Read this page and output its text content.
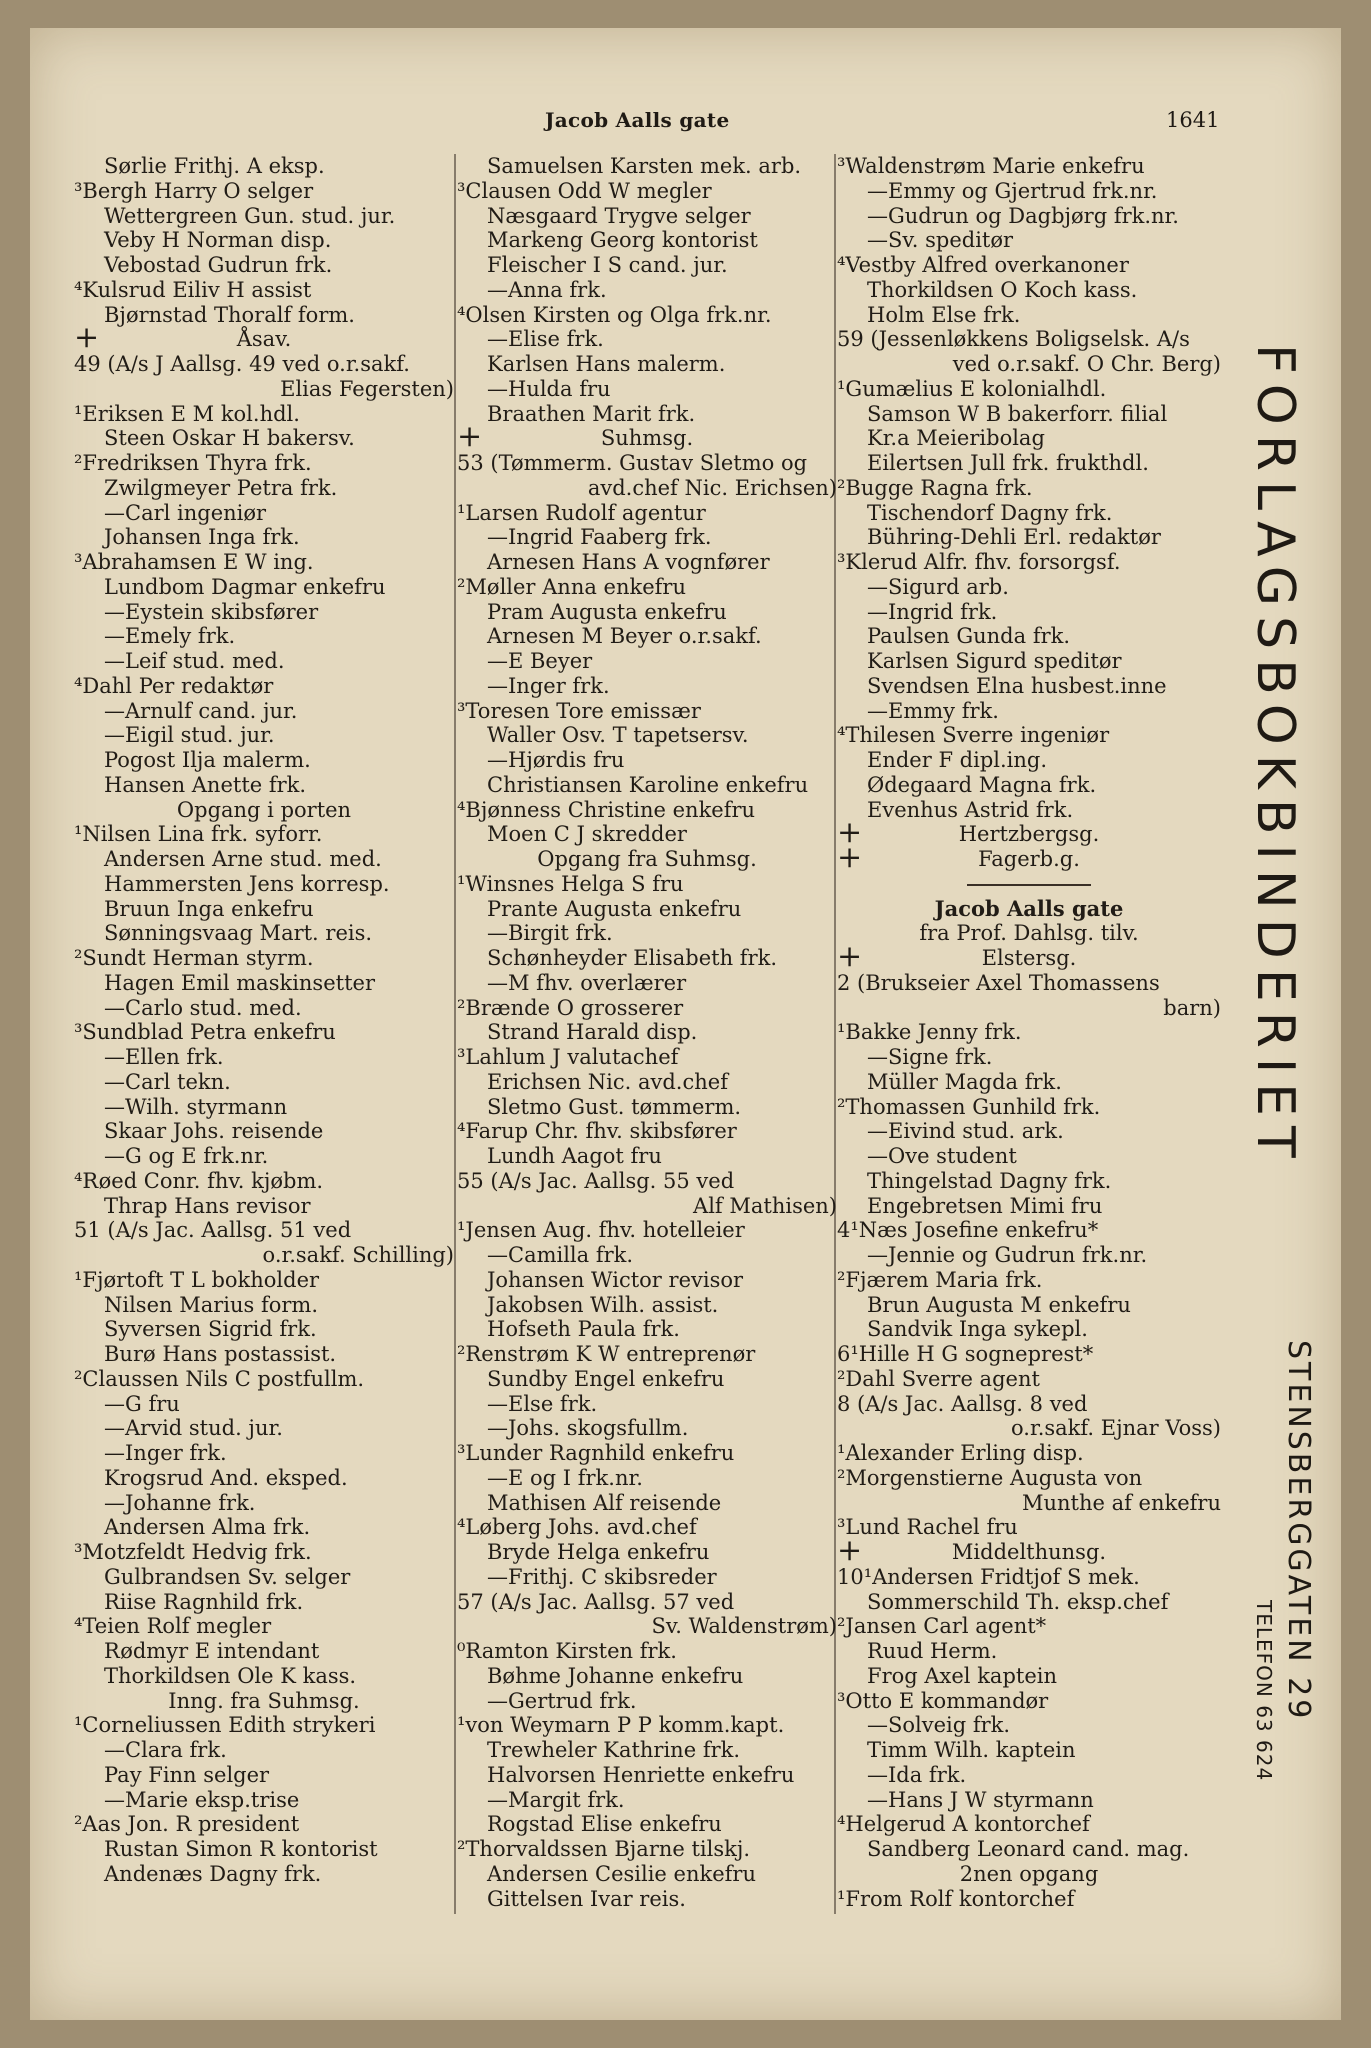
Jacob Aalls gate	1641
Sørlie Frithj. A eksp.
³Bergh Harry O selger
Wettergreen Gun. stud. jur.
Veby H Norman disp.
Vebostad Gudrun frk.
⁴Kulsrud Eiliv H assist
Bjørnstad Thoralf form.
+ Åsav.
49 (A/s J Aallsg. 49 ved o.r.sakf.
Elias Fegersten)
¹Eriksen E M kol.hdl.
Steen Oskar H bakersv.
²Fredriksen Thyra frk.
Zwilgmeyer Petra frk.
—Carl ingeniør
Johansen Inga frk.
³Abrahamsen E W ing.
Lundbom Dagmar enkefru
—Eystein skibsfører
—Emely frk.
—Leif stud. med.
⁴Dahl Per redaktør
—Arnulf cand. jur.
—Eigil stud. jur.
Pogost Ilja malerm.
Hansen Anette frk.
Opgang i porten
¹Nilsen Lina frk. syforr.
Andersen Arne stud. med.
Hammersten Jens korresp.
Bruun Inga enkefru
Sønningsvaag Mart. reis.
²Sundt Herman styrm.
Hagen Emil maskinsetter
—Carlo stud. med.
³Sundblad Petra enkefru
—Ellen frk.
—Carl tekn.
—Wilh. styrmann
Skaar Johs. reisende
—G og E frk.nr.
⁴Røed Conr. fhv. kjøbm.
Thrap Hans revisor
51 (A/s Jac. Aallsg. 51 ved
o.r.sakf. Schilling)
¹Fjørtoft T L bokholder
Nilsen Marius form.
Syversen Sigrid frk.
Burø Hans postassist.
²Claussen Nils C postfullm.
—G fru
—Arvid stud. jur.
—Inger frk.
Krogsrud And. eksped.
—Johanne frk.
Andersen Alma frk.
³Motzfeldt Hedvig frk.
Gulbrandsen Sv. selger
Riise Ragnhild frk.
⁴Teien Rolf megler
Rødmyr E intendant
Thorkildsen Ole K kass.
Inng. fra Suhmsg.
¹Corneliussen Edith strykeri
—Clara frk.
Pay Finn selger
—Marie eksp.trise
²Aas Jon. R president
Rustan Simon R kontorist
Andenæs Dagny frk.
Samuelsen Karsten mek. arb.
³Clausen Odd W megler
Næsgaard Trygve selger
Markeng Georg kontorist
Fleischer I S cand. jur.
—Anna frk.
⁴Olsen Kirsten og Olga frk.nr.
—Elise frk.
Karlsen Hans malerm.
—Hulda fru
Braathen Marit frk.
+ Suhmsg.
53 (Tømmerm. Gustav Sletmo og
avd.chef Nic. Erichsen)
¹Larsen Rudolf agentur
—Ingrid Faaberg frk.
Arnesen Hans A vognfører
²Møller Anna enkefru
Pram Augusta enkefru
Arnesen M Beyer o.r.sakf.
—E Beyer
—Inger frk.
³Toresen Tore emissær
Waller Osv. T tapetsersv.
—Hjørdis fru
Christiansen Karoline enkefru
⁴Bjønness Christine enkefru
Moen C J skredder
Opgang fra Suhmsg.
¹Winsnes Helga S fru
Prante Augusta enkefru
—Birgit frk.
Schønheyder Elisabeth frk.
—M fhv. overlærer
²Brænde O grosserer
Strand Harald disp.
³Lahlum J valutachef
Erichsen Nic. avd.chef
Sletmo Gust. tømmerm.
⁴Farup Chr. fhv. skibsfører
Lundh Aagot fru
55 (A/s Jac. Aallsg. 55 ved
Alf Mathisen)
¹Jensen Aug. fhv. hotelleier
—Camilla frk.
Johansen Wictor revisor
Jakobsen Wilh. assist.
Hofseth Paula frk.
²Renstrøm K W entreprenør
Sundby Engel enkefru
—Else frk.
—Johs. skogsfullm.
³Lunder Ragnhild enkefru
—E og I frk.nr.
Mathisen Alf reisende
⁴Løberg Johs. avd.chef
Bryde Helga enkefru
—Frithj. C skibsreder
57 (A/s Jac. Aallsg. 57 ved
Sv. Waldenstrøm)
⁰Ramton Kirsten frk.
Bøhme Johanne enkefru
—Gertrud frk.
¹von Weymarn P P komm.kapt.
Trewheler Kathrine frk.
Halvorsen Henriette enkefru
—Margit frk.
Rogstad Elise enkefru
²Thorvaldssen Bjarne tilskj.
Andersen Cesilie enkefru
Gittelsen Ivar reis.
³Waldenstrøm Marie enkefru
—Emmy og Gjertrud frk.nr.
—Gudrun og Dagbjørg frk.nr.
—Sv. speditør
⁴Vestby Alfred overkanoner
Thorkildsen O Koch kass.
Holm Else frk.
59 (Jessenløkkens Boligselsk. A/s
ved o.r.sakf. O Chr. Berg)
¹Gumælius E kolonialhdl.
Samson W B bakerforr. filial
Kr.a Meieribolag
Eilertsen Jull frk. frukthdl.
²Bugge Ragna frk.
Tischendorf Dagny frk.
Bühring-Dehli Erl. redaktør
³Klerud Alfr. fhv. forsorgsf.
—Sigurd arb.
—Ingrid frk.
Paulsen Gunda frk.
Karlsen Sigurd speditør
Svendsen Elna husbest.inne
—Emmy frk.
⁴Thilesen Sverre ingeniør
Ender F dipl.ing.
Ødegaard Magna frk.
Evenhus Astrid frk.
+ Hertzbergsg.
+ Fagerb.g.
Jacob Aalls gate
fra Prof. Dahlsg. tilv.
+ Elstersg.
2 (Brukseier Axel Thomassens
barn)
¹Bakke Jenny frk.
—Signe frk.
Müller Magda frk.
²Thomassen Gunhild frk.
—Eivind stud. ark.
—Ove student
Thingelstad Dagny frk.
Engebretsen Mimi fru
4¹Næs Josefine enkefru*
—Jennie og Gudrun frk.nr.
²Fjærem Maria frk.
Brun Augusta M enkefru
Sandvik Inga sykepl.
6¹Hille H G sogneprest*
²Dahl Sverre agent
8 (A/s Jac. Aallsg. 8 ved
o.r.sakf. Ejnar Voss)
¹Alexander Erling disp.
²Morgenstierne Augusta von
Munthe af enkefru
³Lund Rachel fru
+ Middelthunsg.
10¹Andersen Fridtjof S mek.
Sommerschild Th. eksp.chef
²Jansen Carl agent*
Ruud Herm.
Frog Axel kaptein
³Otto E kommandør
—Solveig frk.
Timm Wilh. kaptein
—Ida frk.
—Hans J W styrmann
⁴Helgerud A kontorchef
Sandberg Leonard cand. mag.
2nen opgang
¹From Rolf kontorchef
FORLAGSBOKBINDERIET
STENSBERGGATEN 29
TELEFON 63 624
